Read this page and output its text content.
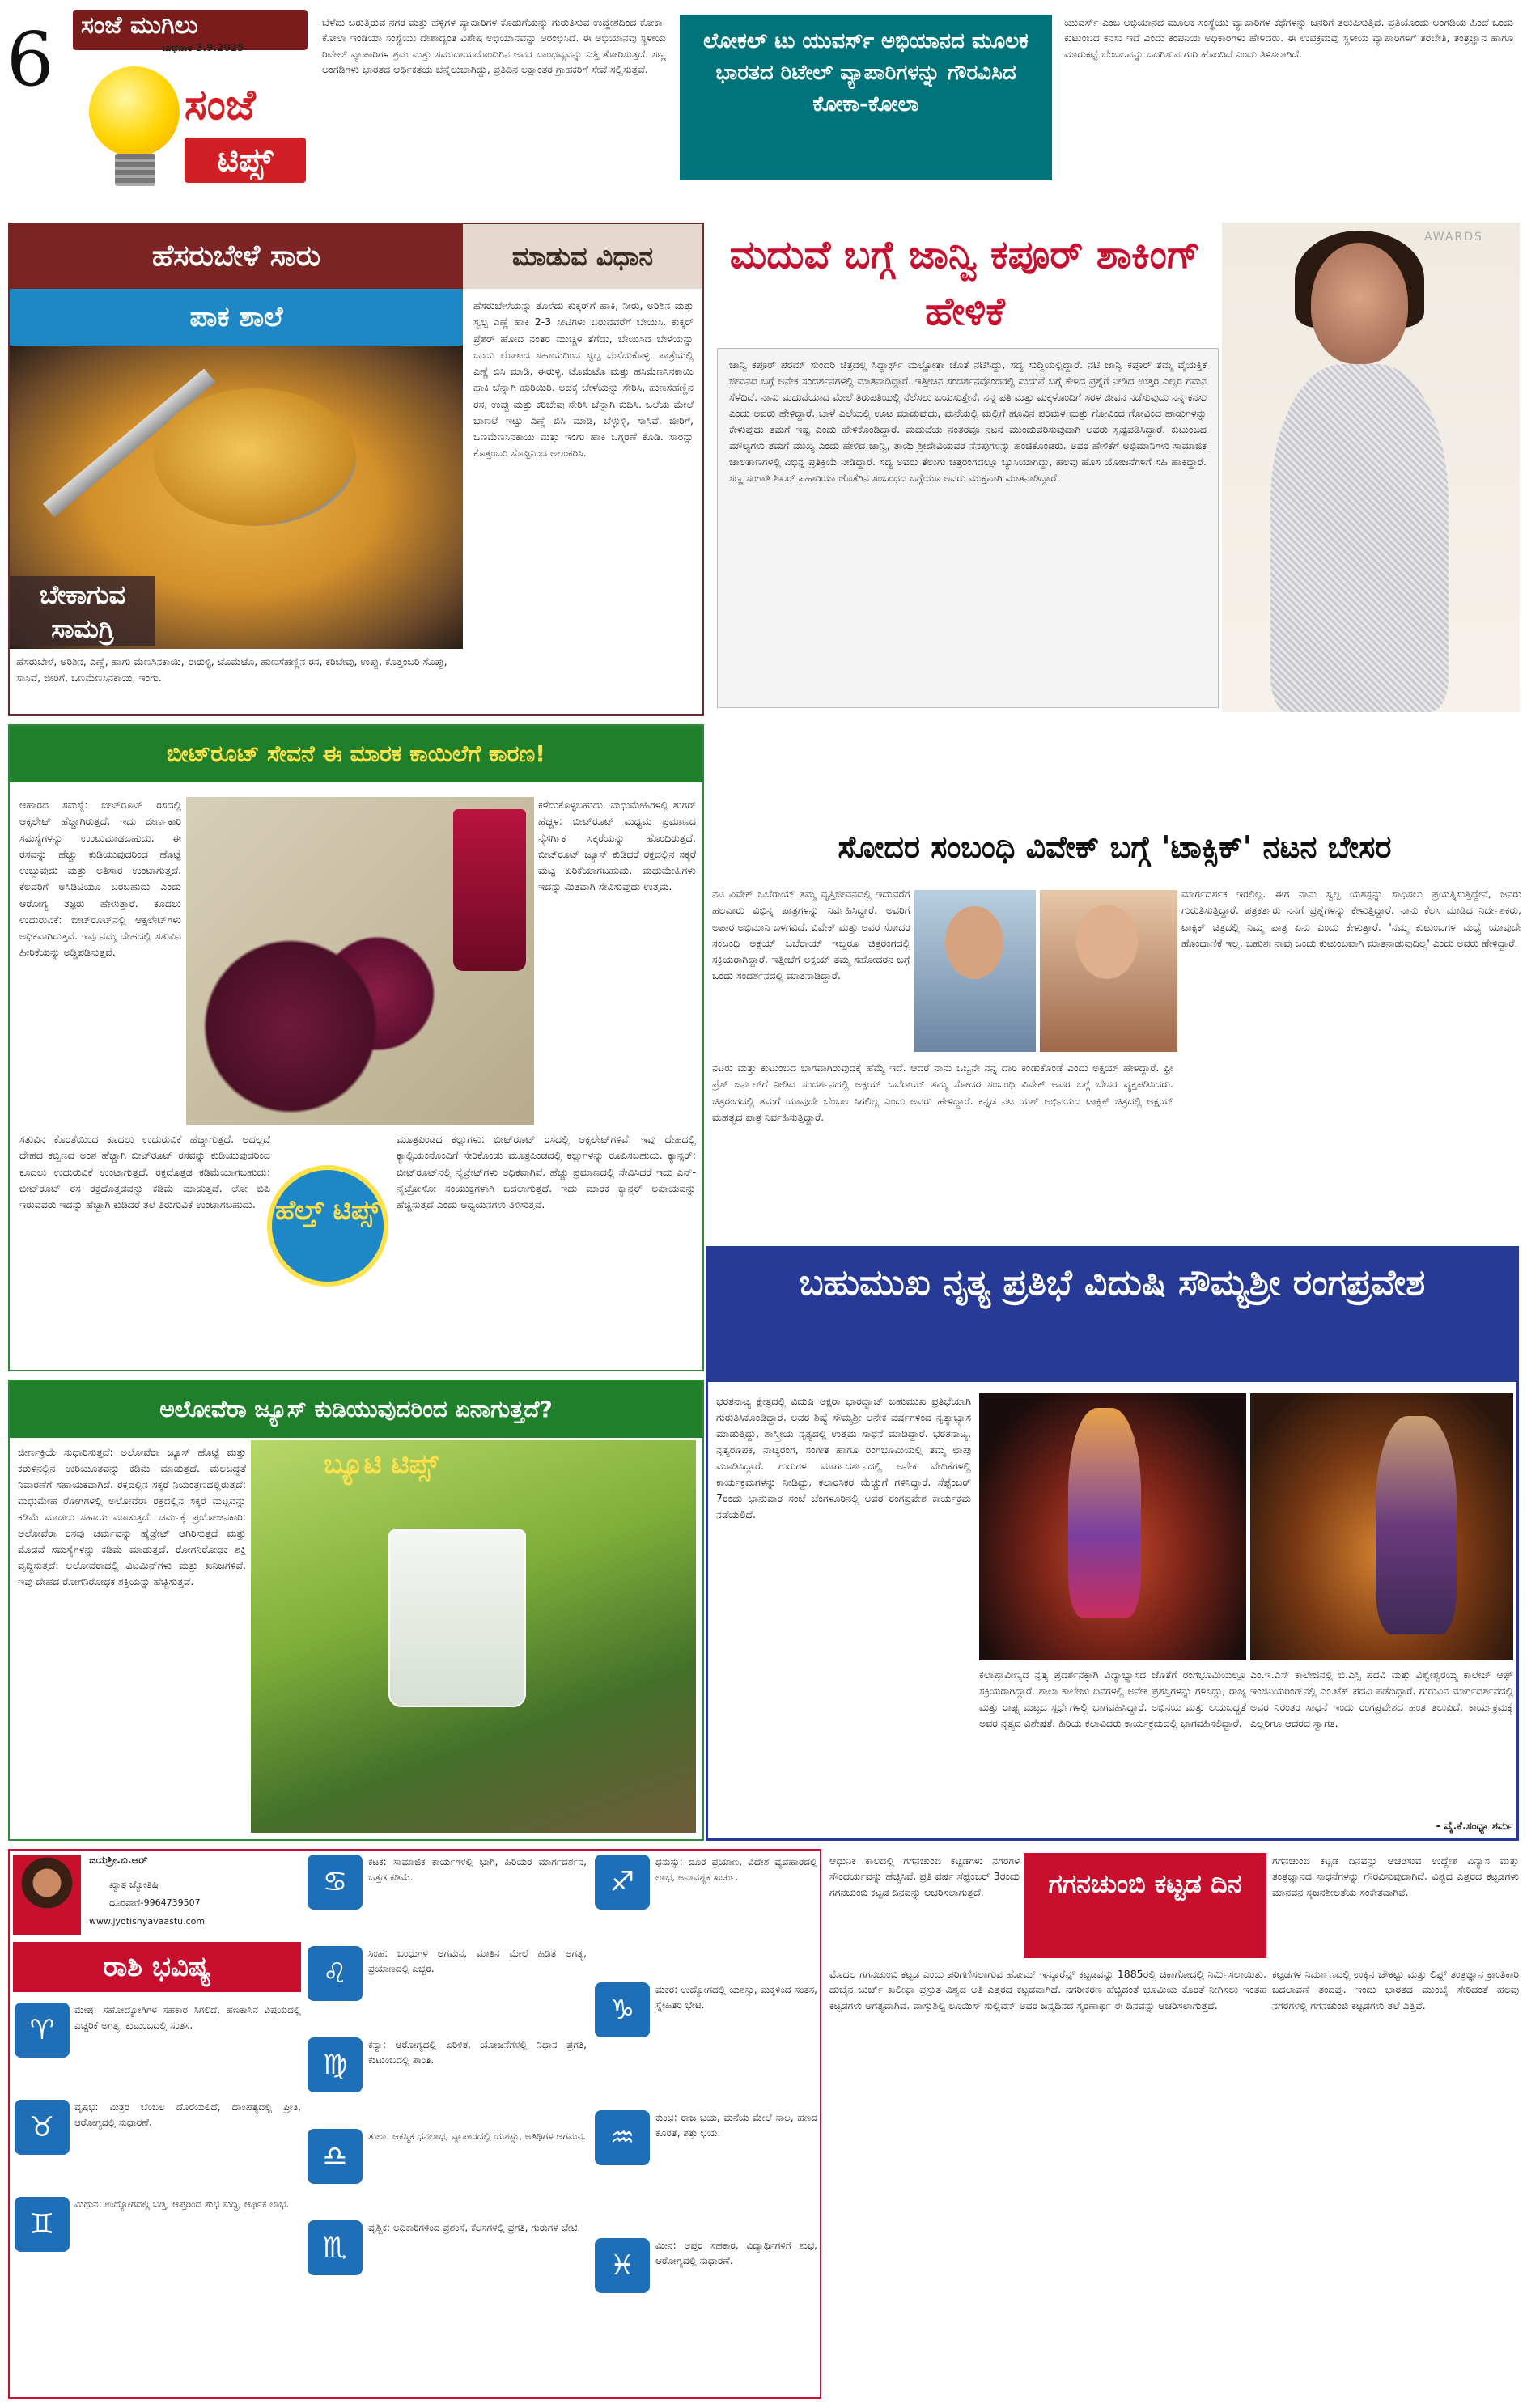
6 ಸಂಜೆ ಮುಗಿಲು
ಬುಧವಾರ 3.9.2025
ಸಂಜೆ
ಟಿಪ್ಸ್
ಬೆಳೆದು ಬರುತ್ತಿರುವ ನಗರ ಮತ್ತು ಹಳ್ಳಿಗಳ ವ್ಯಾಪಾರಿಗಳ ಕೊಡುಗೆಯನ್ನು ಗುರುತಿಸುವ ಉದ್ದೇಶದಿಂದ ಕೋಕಾ-ಕೋಲಾ ಇಂಡಿಯಾ ಸಂಸ್ಥೆಯು ದೇಶಾದ್ಯಂತ ವಿಶೇಷ ಅಭಿಯಾನವನ್ನು ಆರಂಭಿಸಿದೆ. ಈ ಅಭಿಯಾನವು ಸ್ಥಳೀಯ ರಿಟೇಲ್ ವ್ಯಾಪಾರಿಗಳ ಶ್ರಮ ಮತ್ತು ಸಮುದಾಯದೊಂದಿಗಿನ ಅವರ ಬಾಂಧವ್ಯವನ್ನು ಎತ್ತಿ ತೋರಿಸುತ್ತದೆ. ಸಣ್ಣ ಅಂಗಡಿಗಳು ಭಾರತದ ಆರ್ಥಿಕತೆಯ ಬೆನ್ನೆಲುಬಾಗಿದ್ದು, ಪ್ರತಿದಿನ ಲಕ್ಷಾಂತರ ಗ್ರಾಹಕರಿಗೆ ಸೇವೆ ಸಲ್ಲಿಸುತ್ತವೆ.
ಲೋಕಲ್ ಟು ಯುವರ್ಸ್ ಅಭಿಯಾನದ ಮೂಲಕ ಭಾರತದ ರಿಟೇಲ್ ವ್ಯಾಪಾರಿಗಳನ್ನು ಗೌರವಿಸಿದ ಕೋಕಾ-ಕೋಲಾ
ಯುವರ್ಸ್ ಎಂಬ ಅಭಿಯಾನದ ಮೂಲಕ ಸಂಸ್ಥೆಯು ವ್ಯಾಪಾರಿಗಳ ಕಥೆಗಳನ್ನು ಜನರಿಗೆ ತಲುಪಿಸುತ್ತಿದೆ. ಪ್ರತಿಯೊಂದು ಅಂಗಡಿಯ ಹಿಂದೆ ಒಂದು ಕುಟುಂಬದ ಕನಸು ಇದೆ ಎಂದು ಕಂಪನಿಯ ಅಧಿಕಾರಿಗಳು ಹೇಳಿದರು. ಈ ಉಪಕ್ರಮವು ಸ್ಥಳೀಯ ವ್ಯಾಪಾರಿಗಳಿಗೆ ತರಬೇತಿ, ತಂತ್ರಜ್ಞಾನ ಹಾಗೂ ಮಾರುಕಟ್ಟೆ ಬೆಂಬಲವನ್ನು ಒದಗಿಸುವ ಗುರಿ ಹೊಂದಿದೆ ಎಂದು ತಿಳಿಸಲಾಗಿದೆ.
ಹೆಸರುಬೇಳೆ ಸಾರು
ಪಾಕ ಶಾಲೆ
ಬೇಕಾಗುವ ಸಾಮಗ್ರಿ
ಹೆಸರುಬೇಳೆ, ಅರಿಶಿನ, ಎಣ್ಣೆ, ಹಾಗು ಮೆಣಸಿನಕಾಯಿ, ಈರುಳ್ಳಿ, ಟೊಮೆಟೊ, ಹುಣಸೆಹಣ್ಣಿನ ರಸ, ಕರಿಬೇವು, ಉಪ್ಪು, ಕೊತ್ತಂಬರಿ ಸೊಪ್ಪು, ಸಾಸಿವೆ, ಜೀರಿಗೆ, ಒಣಮೆಣಸಿನಕಾಯಿ, ಇಂಗು.
ಮಾಡುವ ವಿಧಾನ
ಹೆಸರುಬೇಳೆಯನ್ನು ತೊಳೆದು ಕುಕ್ಕರ್‌ಗೆ ಹಾಕಿ, ನೀರು, ಅರಿಶಿನ ಮತ್ತು ಸ್ವಲ್ಪ ಎಣ್ಣೆ ಹಾಕಿ 2-3 ಸೀಟಿಗಳು ಬರುವವರೆಗೆ ಬೇಯಿಸಿ. ಕುಕ್ಕರ್ ಪ್ರೆಶರ್ ಹೋದ ನಂತರ ಮುಚ್ಚಳ ತೆಗೆದು, ಬೇಯಿಸಿದ ಬೇಳೆಯನ್ನು ಒಂದು ಲೋಟದ ಸಹಾಯದಿಂದ ಸ್ವಲ್ಪ ಮಸೆದುಕೊಳ್ಳಿ. ಪಾತ್ರೆಯಲ್ಲಿ ಎಣ್ಣೆ ಬಿಸಿ ಮಾಡಿ, ಈರುಳ್ಳಿ, ಟೊಮೆಟೊ ಮತ್ತು ಹಸಿಮೆಣಸಿನಕಾಯಿ ಹಾಕಿ ಚೆನ್ನಾಗಿ ಹುರಿಯಿರಿ. ಅದಕ್ಕೆ ಬೇಳೆಯನ್ನು ಸೇರಿಸಿ, ಹುಣಸೆಹಣ್ಣಿನ ರಸ, ಉಪ್ಪು ಮತ್ತು ಕರಿಬೇವು ಸೇರಿಸಿ ಚೆನ್ನಾಗಿ ಕುದಿಸಿ. ಒಲೆಯ ಮೇಲೆ ಬಾಣಲೆ ಇಟ್ಟು ಎಣ್ಣೆ ಬಿಸಿ ಮಾಡಿ, ಬೆಳ್ಳುಳ್ಳಿ, ಸಾಸಿವೆ, ಜೀರಿಗೆ, ಒಣಮೆಣಸಿನಕಾಯಿ ಮತ್ತು ಇಂಗು ಹಾಕಿ ಒಗ್ಗರಣೆ ಕೊಡಿ. ಸಾರನ್ನು ಕೊತ್ತಂಬರಿ ಸೊಪ್ಪಿನಿಂದ ಅಲಂಕರಿಸಿ.
ಮದುವೆ ಬಗ್ಗೆ ಜಾನ್ವಿ ಕಪೂರ್ ಶಾಕಿಂಗ್ ಹೇಳಿಕೆ
ಜಾನ್ವಿ ಕಪೂರ್ ಪರಮ್ ಸುಂದರಿ ಚಿತ್ರದಲ್ಲಿ ಸಿದ್ಧಾರ್ಥ್ ಮಲ್ಹೋತ್ರಾ ಜೊತೆ ನಟಿಸಿದ್ದು, ಸದ್ಯ ಸುದ್ದಿಯಲ್ಲಿದ್ದಾರೆ. ನಟಿ ಜಾನ್ವಿ ಕಪೂರ್ ತಮ್ಮ ವೈಯಕ್ತಿಕ ಜೀವನದ ಬಗ್ಗೆ ಅನೇಕ ಸಂದರ್ಶನಗಳಲ್ಲಿ ಮಾತನಾಡಿದ್ದಾರೆ. ಇತ್ತೀಚಿನ ಸಂದರ್ಶನವೊಂದರಲ್ಲಿ ಮದುವೆ ಬಗ್ಗೆ ಕೇಳಿದ ಪ್ರಶ್ನೆಗೆ ನೀಡಿದ ಉತ್ತರ ಎಲ್ಲರ ಗಮನ ಸೆಳೆದಿದೆ. ನಾನು ಮದುವೆಯಾದ ಮೇಲೆ ತಿರುಪತಿಯಲ್ಲಿ ನೆಲೆಸಲು ಬಯಸುತ್ತೇನೆ, ನನ್ನ ಪತಿ ಮತ್ತು ಮಕ್ಕಳೊಂದಿಗೆ ಸರಳ ಜೀವನ ನಡೆಸುವುದು ನನ್ನ ಕನಸು ಎಂದು ಅವರು ಹೇಳಿದ್ದಾರೆ. ಬಾಳೆ ಎಲೆಯಲ್ಲಿ ಊಟ ಮಾಡುವುದು, ಮನೆಯಲ್ಲಿ ಮಲ್ಲಿಗೆ ಹೂವಿನ ಪರಿಮಳ ಮತ್ತು ಗೋವಿಂದ ಗೋವಿಂದ ಹಾಡುಗಳನ್ನು ಕೇಳುವುದು ತಮಗೆ ಇಷ್ಟ ಎಂದು ಹೇಳಿಕೊಂಡಿದ್ದಾರೆ. ಮದುವೆಯ ನಂತರವೂ ನಟನೆ ಮುಂದುವರಿಸುವುದಾಗಿ ಅವರು ಸ್ಪಷ್ಟಪಡಿಸಿದ್ದಾರೆ. ಕುಟುಂಬದ ಮೌಲ್ಯಗಳು ತಮಗೆ ಮುಖ್ಯ ಎಂದು ಹೇಳಿದ ಜಾನ್ವಿ, ತಾಯಿ ಶ್ರೀದೇವಿಯವರ ನೆನಪುಗಳನ್ನು ಹಂಚಿಕೊಂಡರು. ಅವರ ಹೇಳಿಕೆಗೆ ಅಭಿಮಾನಿಗಳು ಸಾಮಾಜಿಕ ಜಾಲತಾಣಗಳಲ್ಲಿ ವಿಭಿನ್ನ ಪ್ರತಿಕ್ರಿಯೆ ನೀಡಿದ್ದಾರೆ. ಸದ್ಯ ಅವರು ತೆಲುಗು ಚಿತ್ರರಂಗದಲ್ಲೂ ಬ್ಯುಸಿಯಾಗಿದ್ದು, ಹಲವು ಹೊಸ ಯೋಜನೆಗಳಿಗೆ ಸಹಿ ಹಾಕಿದ್ದಾರೆ. ಸಣ್ಣ ಸಂಗಾತಿ ಶಿಖರ್ ಪಹಾರಿಯಾ ಜೊತೆಗಿನ ಸಂಬಂಧದ ಬಗ್ಗೆಯೂ ಅವರು ಮುಕ್ತವಾಗಿ ಮಾತನಾಡಿದ್ದಾರೆ.
AWARDS
ಬೀಟ್‌ರೂಟ್ ಸೇವನೆ ಈ ಮಾರಕ ಕಾಯಿಲೆಗೆ ಕಾರಣ!
ಆಹಾರದ ಸಮಸ್ಯೆ: ಬೀಟ್‌ರೂಟ್ ರಸದಲ್ಲಿ ಆಕ್ಸಲೇಟ್ ಹೆಚ್ಚಾಗಿರುತ್ತದೆ. ಇದು ಜೀರ್ಣಕಾರಿ ಸಮಸ್ಯೆಗಳನ್ನು ಉಂಟುಮಾಡಬಹುದು. ಈ ರಸವನ್ನು ಹೆಚ್ಚು ಕುಡಿಯುವುದರಿಂದ ಹೊಟ್ಟೆ ಉಬ್ಬುವುದು ಮತ್ತು ಅತಿಸಾರ ಉಂಟಾಗುತ್ತದೆ. ಕೆಲವರಿಗೆ ಅಸಿಡಿಟಿಯೂ ಬರಬಹುದು ಎಂದು ಆರೋಗ್ಯ ತಜ್ಞರು ಹೇಳುತ್ತಾರೆ. ಕೂದಲು ಉದುರುವಿಕೆ: ಬೀಟ್‌ರೂಟ್‌ನಲ್ಲಿ ಆಕ್ಸಲೇಟ್‌ಗಳು ಅಧಿಕವಾಗಿರುತ್ತವೆ. ಇವು ನಮ್ಮ ದೇಹದಲ್ಲಿ ಸತುವಿನ ಹೀರಿಕೆಯನ್ನು ಅಡ್ಡಿಪಡಿಸುತ್ತವೆ.
ಕಳೆದುಕೊಳ್ಳಬಹುದು. ಮಧುಮೇಹಿಗಳಲ್ಲಿ ಶುಗರ್ ಹೆಚ್ಚಳ: ಬೀಟ್‌ರೂಟ್ ಮಧ್ಯಮ ಪ್ರಮಾಣದ ನೈಸರ್ಗಿಕ ಸಕ್ಕರೆಯನ್ನು ಹೊಂದಿರುತ್ತದೆ. ಬೀಟ್‌ರೂಟ್ ಜ್ಯೂಸ್ ಕುಡಿದರೆ ರಕ್ತದಲ್ಲಿನ ಸಕ್ಕರೆ ಮಟ್ಟ ಏರಿಕೆಯಾಗಬಹುದು. ಮಧುಮೇಹಿಗಳು ಇದನ್ನು ಮಿತವಾಗಿ ಸೇವಿಸುವುದು ಉತ್ತಮ.
ಸತುವಿನ ಕೊರತೆಯಿಂದ ಕೂದಲು ಉದುರುವಿಕೆ ಹೆಚ್ಚಾಗುತ್ತದೆ. ಅದಲ್ಲದೆ ದೇಹದ ಕಬ್ಬಿಣದ ಅಂಶ ಹೆಚ್ಚಾಗಿ ಬೀಟ್‌ರೂಟ್ ರಸವನ್ನು ಕುಡಿಯುವುದರಿಂದ ಕೂದಲು ಉದುರುವಿಕೆ ಉಂಟಾಗುತ್ತದೆ. ರಕ್ತದೊತ್ತಡ ಕಡಿಮೆಯಾಗಬಹುದು: ಬೀಟ್‌ರೂಟ್ ರಸ ರಕ್ತದೊತ್ತಡವನ್ನು ಕಡಿಮೆ ಮಾಡುತ್ತದೆ. ಲೋ ಬಿಪಿ ಇರುವವರು ಇದನ್ನು ಹೆಚ್ಚಾಗಿ ಕುಡಿದರೆ ತಲೆ ತಿರುಗುವಿಕೆ ಉಂಟಾಗಬಹುದು. ಹೆಲ್ತ್ ಟಿಪ್ಸ್
ಮೂತ್ರಪಿಂಡದ ಕಲ್ಲುಗಳು: ಬೀಟ್‌ರೂಟ್ ರಸದಲ್ಲಿ ಆಕ್ಸಲೇಟ್‌ಗಳಿವೆ. ಇವು ದೇಹದಲ್ಲಿ ಕ್ಯಾಲ್ಸಿಯಂನೊಂದಿಗೆ ಸೇರಿಕೊಂಡು ಮೂತ್ರಪಿಂಡದಲ್ಲಿ ಕಲ್ಲುಗಳನ್ನು ರೂಪಿಸಬಹುದು. ಕ್ಯಾನ್ಸರ್: ಬೀಟ್‌ರೂಟ್‌ನಲ್ಲಿ ನೈಟ್ರೇಟ್‌ಗಳು ಅಧಿಕವಾಗಿವೆ. ಹೆಚ್ಚು ಪ್ರಮಾಣದಲ್ಲಿ ಸೇವಿಸಿದರೆ ಇದು ಎನ್-ನೈಟ್ರೋಸೋ ಸಂಯುಕ್ತಗಳಾಗಿ ಬದಲಾಗುತ್ತದೆ. ಇದು ಮಾರಕ ಕ್ಯಾನ್ಸರ್ ಅಪಾಯವನ್ನು ಹೆಚ್ಚಿಸುತ್ತದೆ ಎಂದು ಅಧ್ಯಯನಗಳು ತಿಳಿಸುತ್ತವೆ.
ಅಲೋವೆರಾ ಜ್ಯೂಸ್ ಕುಡಿಯುವುದರಿಂದ ಏನಾಗುತ್ತದೆ?
ಜೀರ್ಣಕ್ರಿಯೆ ಸುಧಾರಿಸುತ್ತದೆ: ಅಲೋವೆರಾ ಜ್ಯೂಸ್ ಹೊಟ್ಟೆ ಮತ್ತು ಕರುಳಿನಲ್ಲಿನ ಉರಿಯೂತವನ್ನು ಕಡಿಮೆ ಮಾಡುತ್ತದೆ. ಮಲಬದ್ಧತೆ ನಿವಾರಣೆಗೆ ಸಹಾಯಕವಾಗಿದೆ. ರಕ್ತದಲ್ಲಿನ ಸಕ್ಕರೆ ನಿಯಂತ್ರಣದಲ್ಲಿರುತ್ತದೆ: ಮಧುಮೇಹ ರೋಗಿಗಳಲ್ಲಿ ಅಲೋವೆರಾ ರಕ್ತದಲ್ಲಿನ ಸಕ್ಕರೆ ಮಟ್ಟವನ್ನು ಕಡಿಮೆ ಮಾಡಲು ಸಹಾಯ ಮಾಡುತ್ತದೆ. ಚರ್ಮಕ್ಕೆ ಪ್ರಯೋಜನಕಾರಿ: ಅಲೋವೆರಾ ರಸವು ಚರ್ಮವನ್ನು ಹೈಡ್ರೇಟ್ ಆಗಿರಿಸುತ್ತದೆ ಮತ್ತು ಮೊಡವೆ ಸಮಸ್ಯೆಗಳನ್ನು ಕಡಿಮೆ ಮಾಡುತ್ತದೆ. ರೋಗನಿರೋಧಕ ಶಕ್ತಿ ವೃದ್ಧಿಸುತ್ತದೆ: ಅಲೋವೆರಾದಲ್ಲಿ ವಿಟಮಿನ್‌ಗಳು ಮತ್ತು ಖನಿಜಗಳಿವೆ. ಇವು ದೇಹದ ರೋಗನಿರೋಧಕ ಶಕ್ತಿಯನ್ನು ಹೆಚ್ಚಿಸುತ್ತವೆ.
ಬ್ಯೂಟಿ ಟಿಪ್ಸ್
ಸೋದರ ಸಂಬಂಧಿ ವಿವೇಕ್ ಬಗ್ಗೆ 'ಟಾಕ್ಸಿಕ್' ನಟನ ಬೇಸರ
ನಟ ವಿವೇಕ್ ಒಬೆರಾಯ್ ತಮ್ಮ ವೃತ್ತಿಜೀವನದಲ್ಲಿ ಇದುವರೆಗೆ ಹಲವಾರು ವಿಭಿನ್ನ ಪಾತ್ರಗಳನ್ನು ನಿರ್ವಹಿಸಿದ್ದಾರೆ. ಅವರಿಗೆ ಅಪಾರ ಅಭಿಮಾನಿ ಬಳಗವಿದೆ. ವಿವೇಕ್ ಮತ್ತು ಅವರ ಸೋದರ ಸಂಬಂಧಿ ಅಕ್ಷಯ್ ಒಬೆರಾಯ್ ಇಬ್ಬರೂ ಚಿತ್ರರಂಗದಲ್ಲಿ ಸಕ್ರಿಯರಾಗಿದ್ದಾರೆ. ಇತ್ತೀಚೆಗೆ ಅಕ್ಷಯ್ ತಮ್ಮ ಸಹೋದರನ ಬಗ್ಗೆ ಒಂದು ಸಂದರ್ಶನದಲ್ಲಿ ಮಾತನಾಡಿದ್ದಾರೆ.
ಮಾರ್ಗದರ್ಶಕ ಇರಲಿಲ್ಲ. ಈಗ ನಾನು ಸ್ವಲ್ಪ ಯಶಸ್ಸನ್ನು ಸಾಧಿಸಲು ಪ್ರಯತ್ನಿಸುತ್ತಿದ್ದೇನೆ, ಜನರು ಗುರುತಿಸುತ್ತಿದ್ದಾರೆ. ಪತ್ರಕರ್ತರು ನನಗೆ ಪ್ರಶ್ನೆಗಳನ್ನು ಕೇಳುತ್ತಿದ್ದಾರೆ. ನಾನು ಕೆಲಸ ಮಾಡಿದ ನಿರ್ದೇಶಕರು, ಟಾಕ್ಸಿಕ್ ಚಿತ್ರದಲ್ಲಿ ನಿಮ್ಮ ಪಾತ್ರ ಏನು ಎಂದು ಕೇಳುತ್ತಾರೆ. 'ನಮ್ಮ ಕುಟುಂಬಗಳ ಮಧ್ಯೆ ಯಾವುದೇ ಹೊಂದಾಣಿಕೆ ಇಲ್ಲ, ಬಹುಶಃ ನಾವು ಒಂದು ಕುಟುಂಬವಾಗಿ ಮಾತನಾಡುವುದಿಲ್ಲ' ಎಂದು ಅವರು ಹೇಳಿದ್ದಾರೆ.
ನಟರು ಮತ್ತು ಕುಟುಂಬದ ಭಾಗವಾಗಿರುವುದಕ್ಕೆ ಹೆಮ್ಮೆ ಇದೆ. ಆದರೆ ನಾನು ಒಬ್ಬನೇ ನನ್ನ ದಾರಿ ಕಂಡುಕೊಂಡೆ ಎಂದು ಅಕ್ಷಯ್ ಹೇಳಿದ್ದಾರೆ. ಫ್ರೀ ಪ್ರೆಸ್ ಜರ್ನಲ್‌ಗೆ ನೀಡಿದ ಸಂದರ್ಶನದಲ್ಲಿ ಅಕ್ಷಯ್ ಒಬೆರಾಯ್ ತಮ್ಮ ಸೋದರ ಸಂಬಂಧಿ ವಿವೇಕ್ ಅವರ ಬಗ್ಗೆ ಬೇಸರ ವ್ಯಕ್ತಪಡಿಸಿದರು. ಚಿತ್ರರಂಗದಲ್ಲಿ ತಮಗೆ ಯಾವುದೇ ಬೆಂಬಲ ಸಿಗಲಿಲ್ಲ ಎಂದು ಅವರು ಹೇಳಿದ್ದಾರೆ. ಕನ್ನಡ ನಟ ಯಶ್ ಅಭಿನಯದ ಟಾಕ್ಸಿಕ್ ಚಿತ್ರದಲ್ಲಿ ಅಕ್ಷಯ್ ಮಹತ್ವದ ಪಾತ್ರ ನಿರ್ವಹಿಸುತ್ತಿದ್ದಾರೆ.
ಬಹುಮುಖ ನೃತ್ಯ ಪ್ರತಿಭೆ ವಿದುಷಿ ಸೌಮ್ಯಶ್ರೀ ರಂಗಪ್ರವೇಶ
ಭರತನಾಟ್ಯ ಕ್ಷೇತ್ರದಲ್ಲಿ ವಿದುಷಿ ಅಕ್ಷರಾ ಭಾರದ್ವಾಜ್ ಬಹುಮುಖ ಪ್ರತಿಭೆಯಾಗಿ ಗುರುತಿಸಿಕೊಂಡಿದ್ದಾರೆ. ಅವರ ಶಿಷ್ಯೆ ಸೌಮ್ಯಶ್ರೀ ಅನೇಕ ವರ್ಷಗಳಿಂದ ನೃತ್ಯಾಭ್ಯಾಸ ಮಾಡುತ್ತಿದ್ದು, ಶಾಸ್ತ್ರೀಯ ನೃತ್ಯದಲ್ಲಿ ಉತ್ತಮ ಸಾಧನೆ ಮಾಡಿದ್ದಾರೆ. ಭರತನಾಟ್ಯ, ನೃತ್ಯರೂಪಕ, ನಾಟ್ಯರಂಗ, ಸಂಗೀತ ಹಾಗೂ ರಂಗಭೂಮಿಯಲ್ಲಿ ತಮ್ಮ ಛಾಪು ಮೂಡಿಸಿದ್ದಾರೆ. ಗುರುಗಳ ಮಾರ್ಗದರ್ಶನದಲ್ಲಿ ಅನೇಕ ವೇದಿಕೆಗಳಲ್ಲಿ ಕಾರ್ಯಕ್ರಮಗಳನ್ನು ನೀಡಿದ್ದು, ಕಲಾರಸಿಕರ ಮೆಚ್ಚುಗೆ ಗಳಿಸಿದ್ದಾರೆ. ಸೆಪ್ಟೆಂಬರ್ 7ರಂದು ಭಾನುವಾರ ಸಂಜೆ ಬೆಂಗಳೂರಿನಲ್ಲಿ ಅವರ ರಂಗಪ್ರವೇಶ ಕಾರ್ಯಕ್ರಮ ನಡೆಯಲಿದೆ.
ಕಲಾಪ್ರಾವೀಣ್ಯದ ನೃತ್ಯ ಪ್ರದರ್ಶನಕ್ಕಾಗಿ ವಿದ್ಯಾಭ್ಯಾಸದ ಜೊತೆಗೆ ರಂಗಭೂಮಿಯಲ್ಲೂ ಸಕ್ರಿಯರಾಗಿದ್ದಾರೆ. ಶಾಲಾ ಕಾಲೇಜು ದಿನಗಳಲ್ಲಿ ಅನೇಕ ಪ್ರಶಸ್ತಿಗಳನ್ನು ಗಳಿಸಿದ್ದು, ರಾಜ್ಯ ಮತ್ತು ರಾಷ್ಟ್ರ ಮಟ್ಟದ ಸ್ಪರ್ಧೆಗಳಲ್ಲಿ ಭಾಗವಹಿಸಿದ್ದಾರೆ. ಅಭಿನಯ ಮತ್ತು ಲಯಬದ್ಧತೆ ಅವರ ನೃತ್ಯದ ವಿಶೇಷತೆ. ಹಿರಿಯ ಕಲಾವಿದರು ಕಾರ್ಯಕ್ರಮದಲ್ಲಿ ಭಾಗವಹಿಸಲಿದ್ದಾರೆ.
ಎಂ.ಇ.ಎಸ್ ಕಾಲೇಜಿನಲ್ಲಿ ಬಿ.ಎಸ್ಸಿ ಪದವಿ ಮತ್ತು ವಿಶ್ವೇಶ್ವರಯ್ಯ ಕಾಲೇಜ್ ಆಫ್ ಇಂಜಿನಿಯರಿಂಗ್‌ನಲ್ಲಿ ಎಂ.ಟೆಕ್ ಪದವಿ ಪಡೆದಿದ್ದಾರೆ. ಗುರುವಿನ ಮಾರ್ಗದರ್ಶನದಲ್ಲಿ ಅವರ ನಿರಂತರ ಸಾಧನೆ ಇಂದು ರಂಗಪ್ರವೇಶದ ಹಂತ ತಲುಪಿದೆ. ಕಾರ್ಯಕ್ರಮಕ್ಕೆ ಎಲ್ಲರಿಗೂ ಆದರದ ಸ್ವಾಗತ.
- ವೈ.ಕೆ.ಸಂಧ್ಯಾ ಶರ್ಮ
ಜಯಶ್ರೀ.ಬಿ.ಆರ್
ಖ್ಯಾತ ಜ್ಯೋತಿಷಿ
ದೂರವಾಣಿ-9964739507
www.jyotishyavaastu.com
ರಾಶಿ ಭವಿಷ್ಯ
♈
ಮೇಷ: ಸಹೋದ್ಯೋಗಿಗಳ ಸಹಕಾರ ಸಿಗಲಿದೆ, ಹಣಕಾಸಿನ ವಿಷಯದಲ್ಲಿ ಎಚ್ಚರಿಕೆ ಅಗತ್ಯ, ಕುಟುಂಬದಲ್ಲಿ ಸಂತಸ.
♉
ವೃಷಭ: ಮಿತ್ರರ ಬೆಂಬಲ ದೊರೆಯಲಿದೆ, ದಾಂಪತ್ಯದಲ್ಲಿ ಪ್ರೀತಿ, ಆರೋಗ್ಯದಲ್ಲಿ ಸುಧಾರಣೆ.
♊
ಮಿಥುನ: ಉದ್ಯೋಗದಲ್ಲಿ ಬಡ್ತಿ, ಆಪ್ತರಿಂದ ಶುಭ ಸುದ್ದಿ, ಆರ್ಥಿಕ ಲಾಭ.
♋
ಕಟಕ: ಸಾಮಾಜಿಕ ಕಾರ್ಯಗಳಲ್ಲಿ ಭಾಗಿ, ಹಿರಿಯರ ಮಾರ್ಗದರ್ಶನ, ಒತ್ತಡ ಕಡಿಮೆ.
♌
ಸಿಂಹ: ಬಂಧುಗಳ ಆಗಮನ, ಮಾತಿನ ಮೇಲೆ ಹಿಡಿತ ಅಗತ್ಯ, ಪ್ರಯಾಣದಲ್ಲಿ ಎಚ್ಚರ.
♍
ಕನ್ಯಾ: ಆರೋಗ್ಯದಲ್ಲಿ ಏರಿಳಿತ, ಯೋಜನೆಗಳಲ್ಲಿ ನಿಧಾನ ಪ್ರಗತಿ, ಕುಟುಂಬದಲ್ಲಿ ಶಾಂತಿ.
♎
ತುಲಾ: ಆಕಸ್ಮಿಕ ಧನಲಾಭ, ವ್ಯಾಪಾರದಲ್ಲಿ ಯಶಸ್ಸು, ಅತಿಥಿಗಳ ಆಗಮನ.
♏
ವೃಶ್ಚಿಕ: ಅಧಿಕಾರಿಗಳಿಂದ ಪ್ರಶಂಸೆ, ಕೆಲಸಗಳಲ್ಲಿ ಪ್ರಗತಿ, ಗುರುಗಳ ಭೇಟಿ.
♐
ಧನುಸ್ಸು: ದೂರ ಪ್ರಯಾಣ, ವಿದೇಶ ವ್ಯವಹಾರದಲ್ಲಿ ಲಾಭ, ಅನಾವಶ್ಯಕ ಖರ್ಚು.
♑
ಮಕರ: ಉದ್ಯೋಗದಲ್ಲಿ ಯಶಸ್ಸು, ಮಕ್ಕಳಿಂದ ಸಂತಸ, ಸ್ನೇಹಿತರ ಭೇಟಿ.
♒
ಕುಂಭ: ರಾಜ ಭಯ, ಮನೆಯ ಮೇಲೆ ಸಾಲ, ಹಣದ ಕೊರತೆ, ಶತ್ರು ಭಯ.
♓
ಮೀನ: ಆಪ್ತರ ಸಹಕಾರ, ವಿದ್ಯಾರ್ಥಿಗಳಿಗೆ ಶುಭ, ಆರೋಗ್ಯದಲ್ಲಿ ಸುಧಾರಣೆ.
ಆಧುನಿಕ ಕಾಲದಲ್ಲಿ ಗಗನಚುಂಬಿ ಕಟ್ಟಡಗಳು ನಗರಗಳ ಸೌಂದರ್ಯವನ್ನು ಹೆಚ್ಚಿಸಿವೆ. ಪ್ರತಿ ವರ್ಷ ಸೆಪ್ಟೆಂಬರ್ 3ರಂದು ಗಗನಚುಂಬಿ ಕಟ್ಟಡ ದಿನವನ್ನು ಆಚರಿಸಲಾಗುತ್ತದೆ.	ಗಗನಚುಂಬಿ ಕಟ್ಟಡ ದಿನ
ಗಗನಚುಂಬಿ ಕಟ್ಟಡ ದಿನವನ್ನು ಆಚರಿಸುವ ಉದ್ದೇಶ ವಿನ್ಯಾಸ ಮತ್ತು ತಂತ್ರಜ್ಞಾನದ ಸಾಧನೆಗಳನ್ನು ಗೌರವಿಸುವುದಾಗಿದೆ. ವಿಶ್ವದ ಎತ್ತರದ ಕಟ್ಟಡಗಳು ಮಾನವನ ಸೃಜನಶೀಲತೆಯ ಸಂಕೇತವಾಗಿವೆ.
ಮೊದಲ ಗಗನಚುಂಬಿ ಕಟ್ಟಡ ಎಂದು ಪರಿಗಣಿಸಲಾಗುವ ಹೋಮ್ ಇನ್ಶೂರೆನ್ಸ್ ಕಟ್ಟಡವನ್ನು 1885ರಲ್ಲಿ ಚಿಕಾಗೋದಲ್ಲಿ ನಿರ್ಮಿಸಲಾಯಿತು. ದುಬೈನ ಬುರ್ಜ್ ಖಲೀಫಾ ಪ್ರಸ್ತುತ ವಿಶ್ವದ ಅತಿ ಎತ್ತರದ ಕಟ್ಟಡವಾಗಿದೆ. ನಗರೀಕರಣ ಹೆಚ್ಚಿದಂತೆ ಭೂಮಿಯ ಕೊರತೆ ನೀಗಿಸಲು ಇಂತಹ ಕಟ್ಟಡಗಳು ಅಗತ್ಯವಾಗಿವೆ. ವಾಸ್ತುಶಿಲ್ಪಿ ಲೂಯಿಸ್ ಸುಲ್ಲಿವನ್ ಅವರ ಜನ್ಮದಿನದ ಸ್ಮರಣಾರ್ಥ ಈ ದಿನವನ್ನು ಆಚರಿಸಲಾಗುತ್ತದೆ.
ಕಟ್ಟಡಗಳ ನಿರ್ಮಾಣದಲ್ಲಿ ಉಕ್ಕಿನ ಚೌಕಟ್ಟು ಮತ್ತು ಲಿಫ್ಟ್ ತಂತ್ರಜ್ಞಾನ ಕ್ರಾಂತಿಕಾರಿ ಬದಲಾವಣೆ ತಂದವು. ಇಂದು ಭಾರತದ ಮುಂಬೈ ಸೇರಿದಂತೆ ಹಲವು ನಗರಗಳಲ್ಲಿ ಗಗನಚುಂಬಿ ಕಟ್ಟಡಗಳು ತಲೆ ಎತ್ತಿವೆ.
